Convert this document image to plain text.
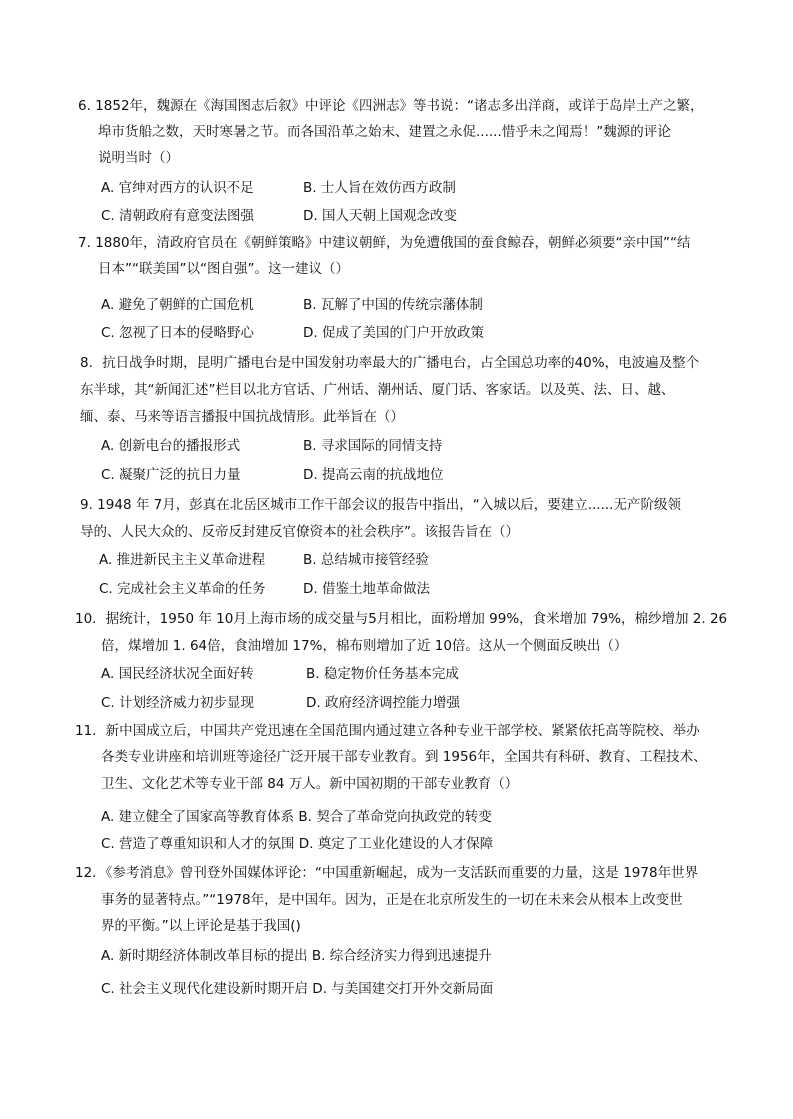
6. 1852年，魏源在《海国图志后叙》中评论《四洲志》等书说：“诸志多出洋商，或详于岛岸土产之繁，
埠市货船之数，天时寒暑之节。而各国沿革之始末、建置之永促......惜乎未之闻焉！”魏源的评论
说明当时（）
A. 官绅对西方的认识不足	B. 士人旨在效仿西方政制
C. 清朝政府有意变法图强	D. 国人天朝上国观念改变
7. 1880年，清政府官员在《朝鲜策略》中建议朝鲜，为免遭俄国的蚕食鲸吞，朝鲜必须要“亲中国”“结
日本”“联美国”以“图自强”。这一建议（）
A. 避免了朝鲜的亡国危机	B. 瓦解了中国的传统宗藩体制
C. 忽视了日本的侵略野心	D. 促成了美国的门户开放政策
8．抗日战争时期，昆明广播电台是中国发射功率最大的广播电台，占全国总功率的40%，电波遍及整个
东半球，其“新闻汇述”栏目以北方官话、广州话、潮州话、厦门话、客家话。以及英、法、日、越、
缅、泰、马来等语言播报中国抗战情形。此举旨在（）
A. 创新电台的播报形式	B. 寻求国际的同情支持
C. 凝聚广泛的抗日力量	D. 提高云南的抗战地位
9. 1948 年 7月，彭真在北岳区城市工作干部会议的报告中指出，“入城以后，要建立......无产阶级领
导的、人民大众的、反帝反封建反官僚资本的社会秩序”。该报告旨在（）
A. 推进新民主主义革命进程	B. 总结城市接管经验
C. 完成社会主义革命的任务	D. 借鉴土地革命做法
10．据统计，1950 年 10月上海市场的成交量与5月相比，面粉增加 99%，食米增加 79%，棉纱增加 2. 26
倍，煤增加 1. 64倍，食油增加 17%，棉布则增加了近 10倍。这从一个侧面反映出（）
A. 国民经济状况全面好转	B. 稳定物价任务基本完成
C. 计划经济威力初步显现	D. 政府经济调控能力增强
11．新中国成立后，中国共产党迅速在全国范围内通过建立各种专业干部学校、紧紧依托高等院校、举办
各类专业讲座和培训班等途径广泛开展干部专业教育。到 1956年，全国共有科研、教育、工程技术、
卫生、文化艺术等专业干部 84 万人。新中国初期的干部专业教育（）
A. 建立健全了国家高等教育体系 B. 契合了革命党向执政党的转变
C. 营造了尊重知识和人才的氛围 D. 奠定了工业化建设的人才保障
12．《参考消息》曾刊登外国媒体评论：“中国重新崛起，成为一支活跃而重要的力量，这是 1978年世界
事务的显著特点。”“1978年，是中国年。因为，正是在北京所发生的一切在未来会从根本上改变世
界的平衡。”以上评论是基于我国()
A. 新时期经济体制改革目标的提出 B. 综合经济实力得到迅速提升
C. 社会主义现代化建设新时期开启 D. 与美国建交打开外交新局面
